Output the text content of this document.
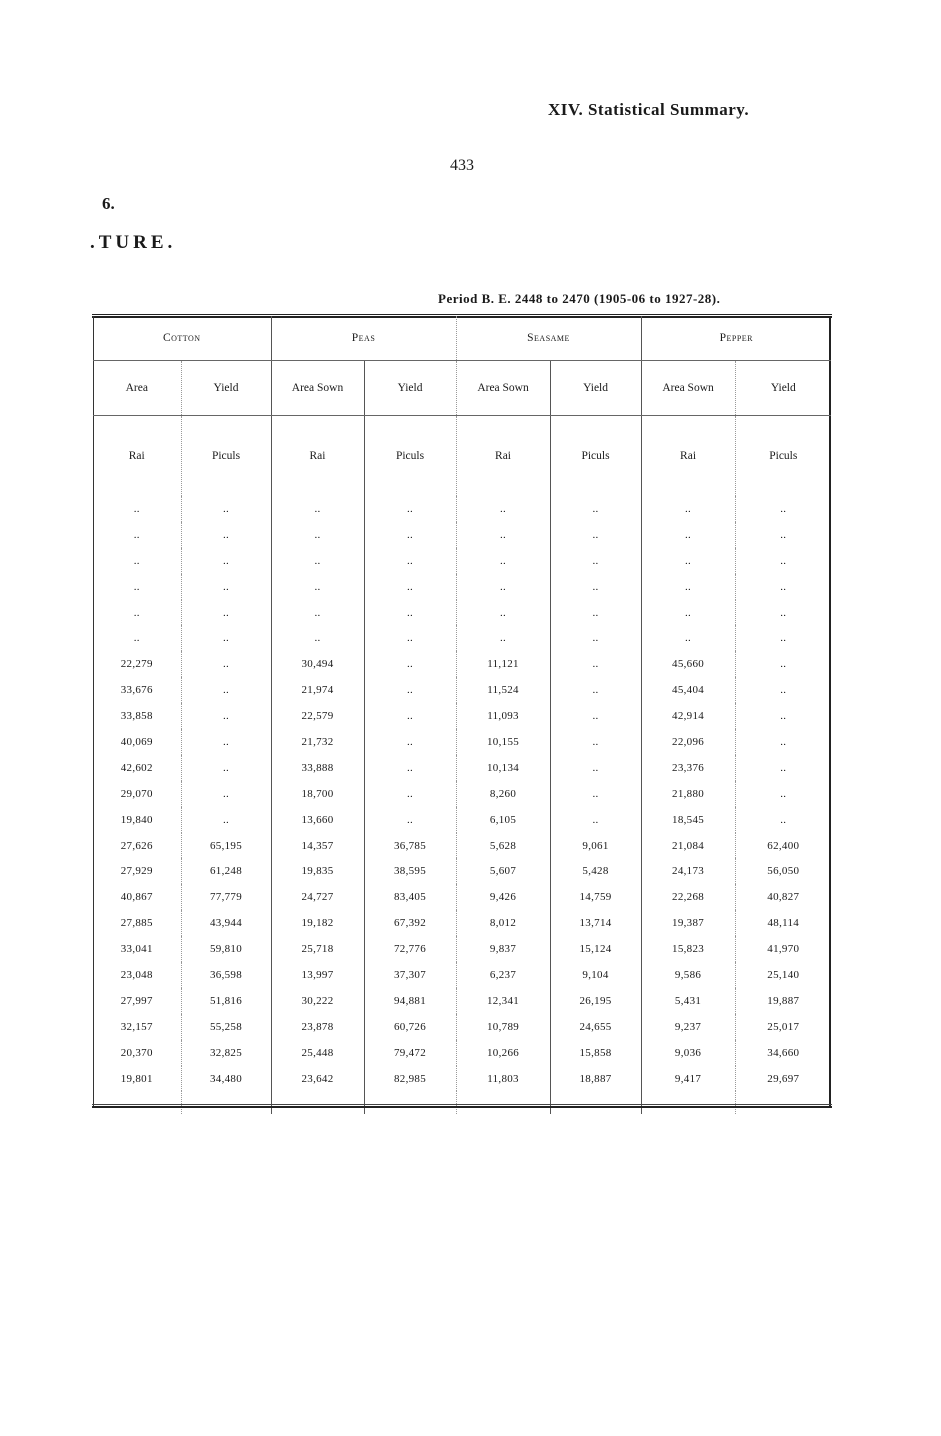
XIV. Statistical Summary.
433
6.
.TURE.
Period B. E. 2448 to 2470 (1905-06 to 1927-28).
Cotton		Peas		Seasame		Pepper	
Area	Yield	Area Sown	Yield	Area Sown	Yield	Area Sown	Yield
Rai	Piculs	Rai	Piculs	Rai	Piculs	Rai	Piculs
..	..	..	..	..	..	..	..
..	..	..	..	..	..	..	..
..	..	..	..	..	..	..	..
..	..	..	..	..	..	..	..
..	..	..	..	..	..	..	..
..	..	..	..	..	..	..	..
22,279	..	30,494	..	11,121	..	45,660	..
33,676	..	21,974	..	11,524	..	45,404	..
33,858	..	22,579	..	11,093	..	42,914	..
40,069	..	21,732	..	10,155	..	22,096	..
42,602	..	33,888	..	10,134	..	23,376	..
29,070	..	18,700	..	8,260	..	21,880	..
19,840	..	13,660	..	6,105	..	18,545	..
27,626	65,195	14,357	36,785	5,628	9,061	21,084	62,400
27,929	61,248	19,835	38,595	5,607	5,428	24,173	56,050
40,867	77,779	24,727	83,405	9,426	14,759	22,268	40,827
27,885	43,944	19,182	67,392	8,012	13,714	19,387	48,114
33,041	59,810	25,718	72,776	9,837	15,124	15,823	41,970
23,048	36,598	13,997	37,307	6,237	9,104	9,586	25,140
27,997	51,816	30,222	94,881	12,341	26,195	5,431	19,887
32,157	55,258	23,878	60,726	10,789	24,655	9,237	25,017
20,370	32,825	25,448	79,472	10,266	15,858	9,036	34,660
19,801	34,480	23,642	82,985	11,803	18,887	9,417	29,697
